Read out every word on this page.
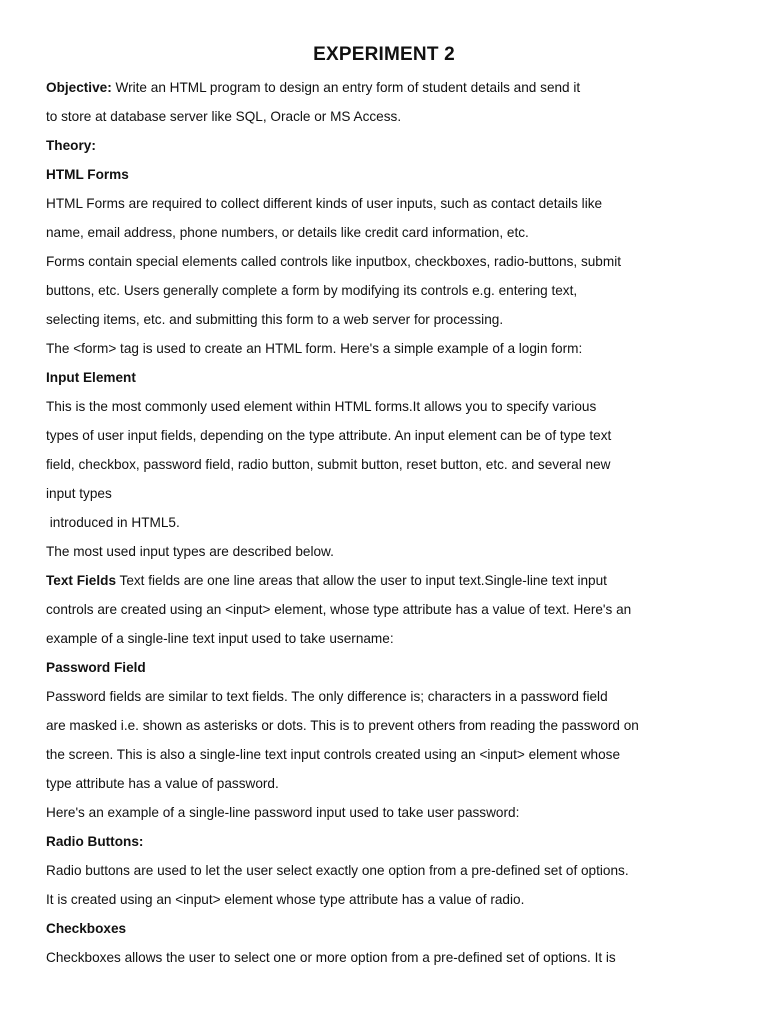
EXPERIMENT 2
Objective: Write an HTML program to design an entry form of student details and send it
to store at database server like SQL, Oracle or MS Access.
Theory:
HTML Forms
HTML Forms are required to collect different kinds of user inputs, such as contact details like
name, email address, phone numbers, or details like credit card information, etc.
Forms contain special elements called controls like inputbox, checkboxes, radio-buttons, submit
buttons, etc. Users generally complete a form by modifying its controls e.g. entering text,
selecting items, etc. and submitting this form to a web server for processing.
The <form> tag is used to create an HTML form. Here's a simple example of a login form:
Input Element
This is the most commonly used element within HTML forms.It allows you to specify various
types of user input fields, depending on the type attribute. An input element can be of type text
field, checkbox, password field, radio button, submit button, reset button, etc. and several new
input types
introduced in HTML5.
The most used input types are described below.
Text Fields Text fields are one line areas that allow the user to input text.Single-line text input
controls are created using an <input> element, whose type attribute has a value of text. Here's an
example of a single-line text input used to take username:
Password Field
Password fields are similar to text fields. The only difference is; characters in a password field
are masked i.e. shown as asterisks or dots. This is to prevent others from reading the password on
the screen. This is also a single-line text input controls created using an <input> element whose
type attribute has a value of password.
Here's an example of a single-line password input used to take user password:
Radio Buttons:
Radio buttons are used to let the user select exactly one option from a pre-defined set of options.
It is created using an <input> element whose type attribute has a value of radio.
Checkboxes
Checkboxes allows the user to select one or more option from a pre-defined set of options. It is
